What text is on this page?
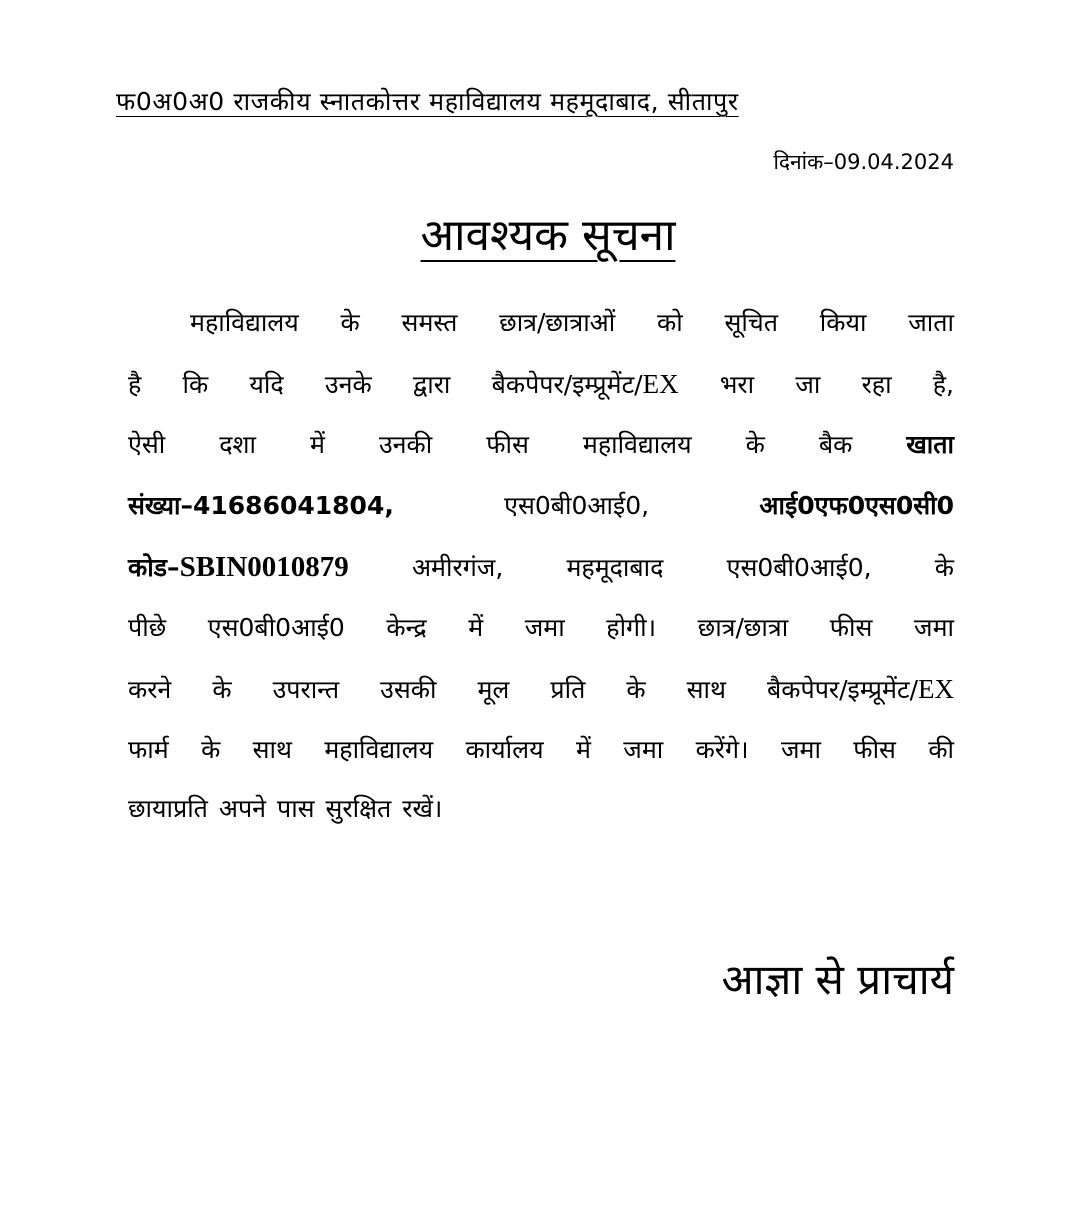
फ0अ0अ0 राजकीय स्नातकोत्तर महाविद्यालय महमूदाबाद, सीतापुर
दिनांक–09.04.2024
आवश्यक सूचना
महाविद्यालय के समस्त छात्र/छात्राओं को सूचित किया जाता
है कि यदि उनके द्वारा बैकपेपर/इम्प्रूमेंट/EX भरा जा रहा है,
ऐसी दशा में उनकी फीस महाविद्यालय के बैक खाता
संख्या–41686041804, एस0बी0आई0, आई0एफ0एस0सी0
कोड–SBIN0010879 अमीरगंज, महमूदाबाद एस0बी0आई0, के
पीछे एस0बी0आई0 केन्द्र में जमा होगी। छात्र/छात्रा फीस जमा
करने के उपरान्त उसकी मूल प्रति के साथ बैकपेपर/इम्प्रूमेंट/EX
फार्म के साथ महाविद्यालय कार्यालय में जमा करेंगे। जमा फीस की
छायाप्रति अपने पास सुरक्षित रखें।
आज्ञा से प्राचार्य
